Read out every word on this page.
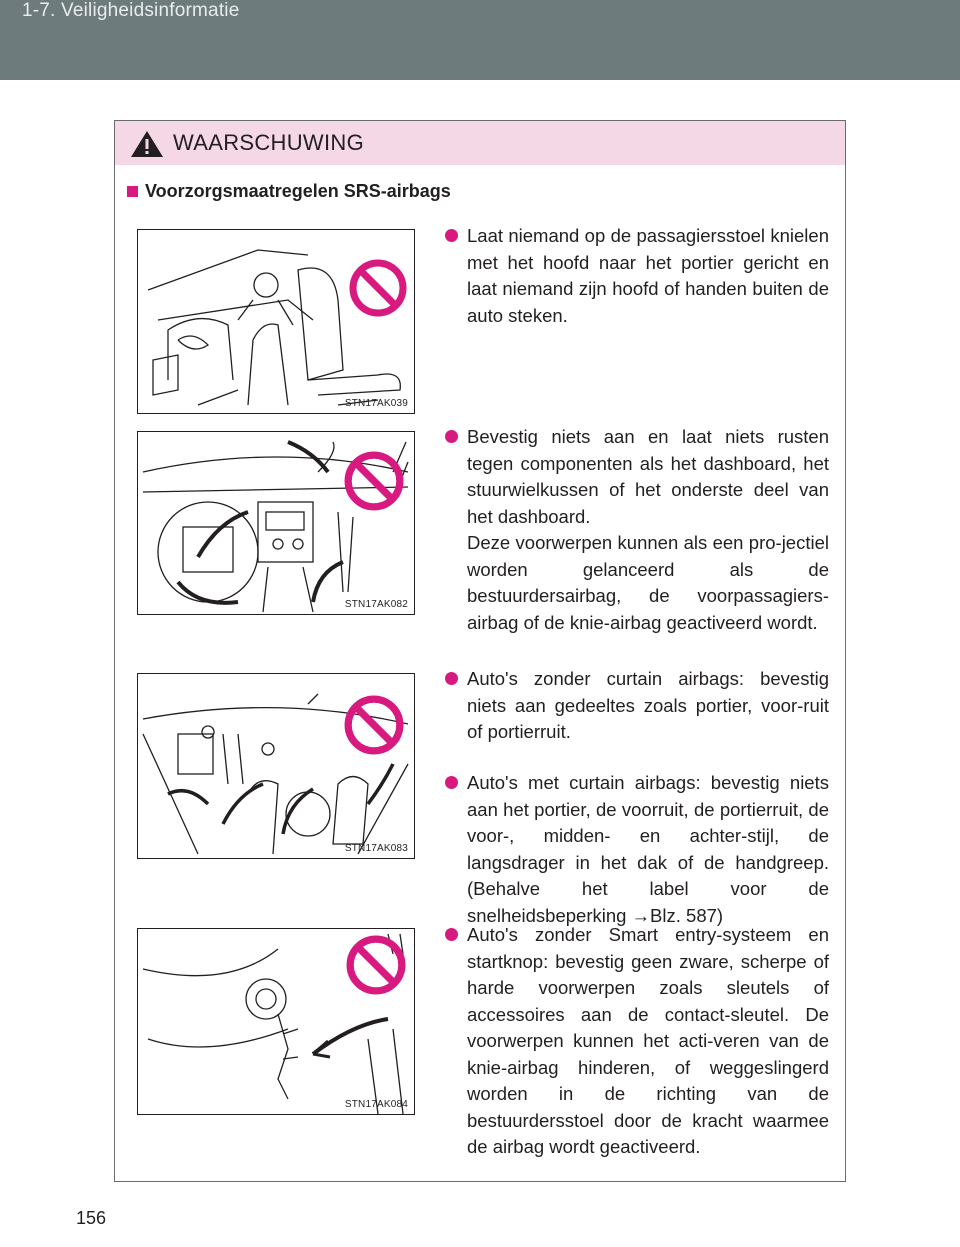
1-7. Veiligheidsinformatie
WAARSCHUWING
Voorzorgsmaatregelen SRS-airbags
STN17AK039
STN17AK082
STN17AK083
STN17AK084

Laat niemand op de passagiersstoel knielen met het hoofd naar het portier gericht en laat niemand zijn hoofd of handen buiten de auto steken.

Bevestig niets aan en laat niets rusten tegen componenten als het dashboard, het stuurwielkussen of het onderste deel van het dashboard.

Deze voorwerpen kunnen als een pro-jectiel worden gelanceerd als de bestuurdersairbag, de voorpassagiers-airbag of de knie-airbag geactiveerd wordt.

Auto's zonder curtain airbags: bevestig niets aan gedeeltes zoals portier, voor-ruit of portierruit.

Auto's met curtain airbags: bevestig niets aan het portier, de voorruit, de portierruit, de voor-, midden- en achter-stijl, de langsdrager in het dak of de handgreep. (Behalve het label voor de snelheidsbeperking →Blz. 587)

Auto's zonder Smart entry-systeem en startknop: bevestig geen zware, scherpe of harde voorwerpen zoals sleutels of accessoires aan de contact-sleutel. De voorwerpen kunnen het acti-veren van de knie-airbag hinderen, of weggeslingerd worden in de richting van de bestuurdersstoel door de kracht waarmee de airbag wordt geactiveerd.

156
